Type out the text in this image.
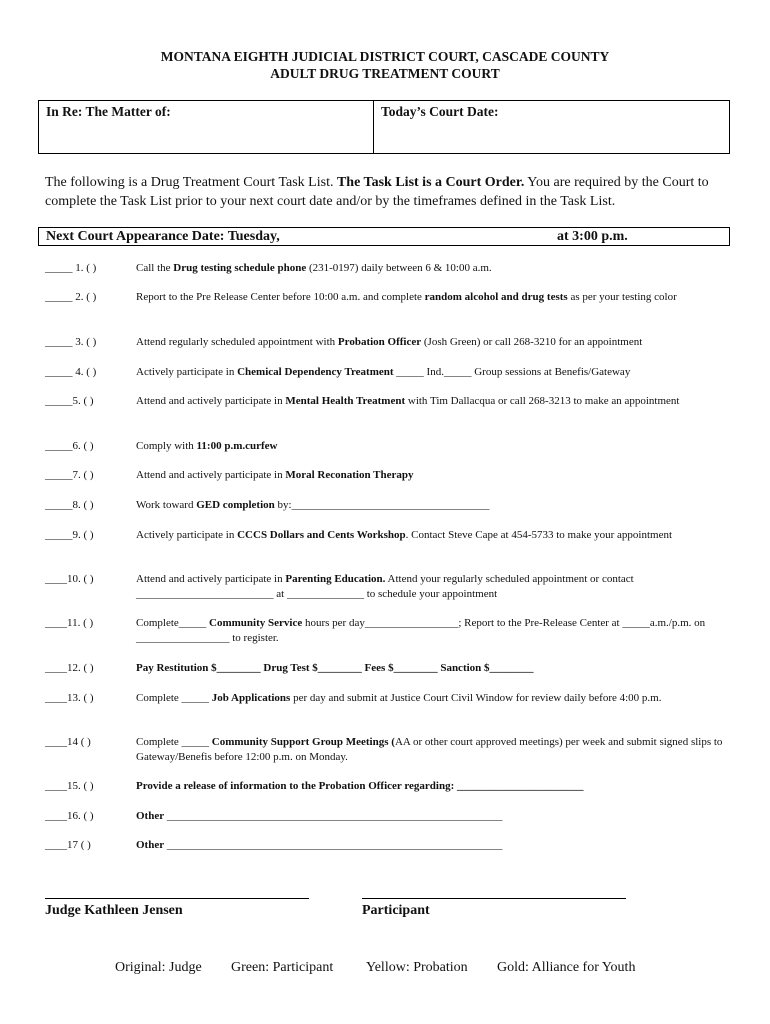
MONTANA EIGHTH JUDICIAL DISTRICT COURT, CASCADE COUNTY
ADULT DRUG TREATMENT COURT
In Re: The Matter of:	Today’s Court Date:
The following is a Drug Treatment Court Task List. The Task List is a Court Order. You are required by the Court to complete the Task List prior to your next court date and/or by the timeframes defined in the Task List.
Next Court Appearance Date: Tuesday,	at 3:00 p.m.
_____ 1. ( )	Call the Drug testing schedule phone (231-0197) daily between 6 & 10:00 a.m.
_____ 2. ( )	Report to the Pre Release Center before 10:00 a.m. and complete random alcohol and drug tests as per your testing color
_____ 3. ( )	Attend regularly scheduled appointment with Probation Officer (Josh Green) or call 268-3210 for an appointment
_____ 4. ( )	Actively participate in Chemical Dependency Treatment _____ Ind._____ Group sessions at Benefis/Gateway
_____5. ( )	Attend and actively participate in Mental Health Treatment with Tim Dallacqua or call 268-3213 to make an appointment
_____6. ( )	Comply with 11:00 p.m.curfew
_____7. ( )	Attend and actively participate in Moral Reconation Therapy
_____8. ( )	Work toward GED completion by:____________________________________
_____9. ( )	Actively participate in CCCS Dollars and Cents Workshop. Contact Steve Cape at 454-5733 to make your appointment
____10. ( )	Attend and actively participate in Parenting Education. Attend your regularly scheduled appointment or contact _________________________ at ______________ to schedule your appointment
____11. ( )	Complete_____ Community Service hours per day_________________; Report to the Pre-Release Center at _____a.m./p.m. on _________________ to register.
____12. ( )	Pay Restitution $________ Drug Test $________ Fees $________ Sanction $________
____13. ( )	Complete _____ Job Applications per day and submit at Justice Court Civil Window for review daily before 4:00 p.m.
____14 ( )	Complete _____ Community Support Group Meetings (AA or other court approved meetings) per week and submit signed slips to Gateway/Benefis before 12:00 p.m. on Monday.
____15. ( )	Provide a release of information to the Probation Officer regarding: _______________________
____16. ( )	Other _____________________________________________________________
____17 ( )	Other _____________________________________________________________
Judge Kathleen Jensen	Participant
Original: Judge Green: Participant Yellow: Probation Gold: Alliance for Youth
